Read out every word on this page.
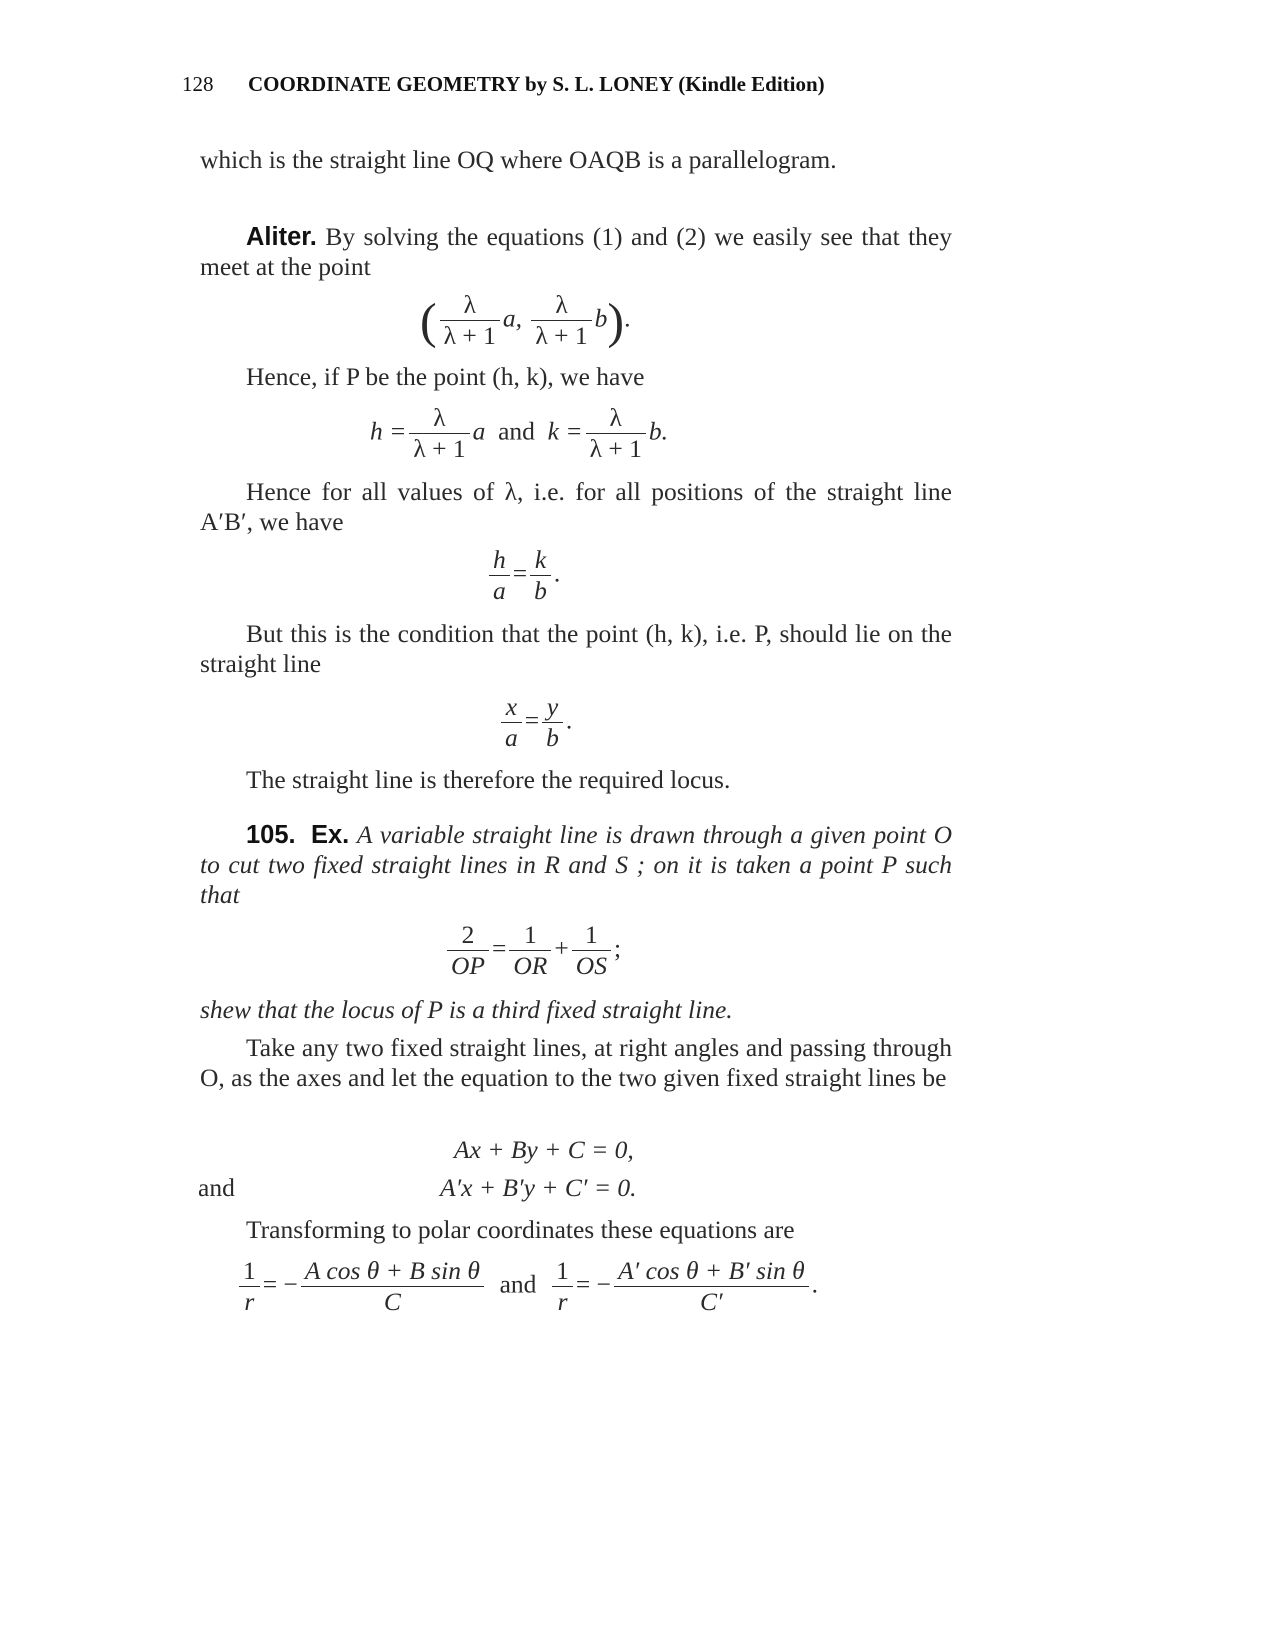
128 COORDINATE GEOMETRY by S. L. LONEY (Kindle Edition)
which is the straight line OQ where OAQB is a parallelogram.
Aliter. By solving the equations (1) and (2) we easily see that they meet at the point
( $\frac{\lambda}{\lambda + 1} a$, $\frac{\lambda}{\lambda + 1} b$).
Hence, if P be the point (h, k), we have
$h = \frac{\lambda}{\lambda + 1}$ a and $k = \frac{\lambda}{\lambda + 1} b$.
Hence for all values of λ, i.e. for all positions of the straight line A′B′, we have
$\frac{h}{a} = \frac{k}{b}$ .
But this is the condition that the point (h, k), i.e. P, should lie on the straight line
$\frac{x}{a} = \frac{y}{b}$ .
The straight line is therefore the required locus.
105. Ex. A variable straight line is drawn through a given point O to cut two fixed straight lines in R and S ; on it is taken a point P such that
$\frac{2}{OP} = \frac{1}{OR} + \frac{1}{OS}$ ;
shew that the locus of P is a third fixed straight line.
Take any two fixed straight lines, at right angles and passing through O, as the axes and let the equation to the two given fixed straight lines be
Ax + By + C = 0,
and	A′x + B′y + C′ = 0.
Transforming to polar coordinates these equations are
$\frac{1}{r}$ = − $\frac{\text{A cos θ + B sin θ}}{C}$ and $\frac{1}{r}$ = − $\frac{\text{A′ cos θ + B′ sin θ}}{C'}$ .
